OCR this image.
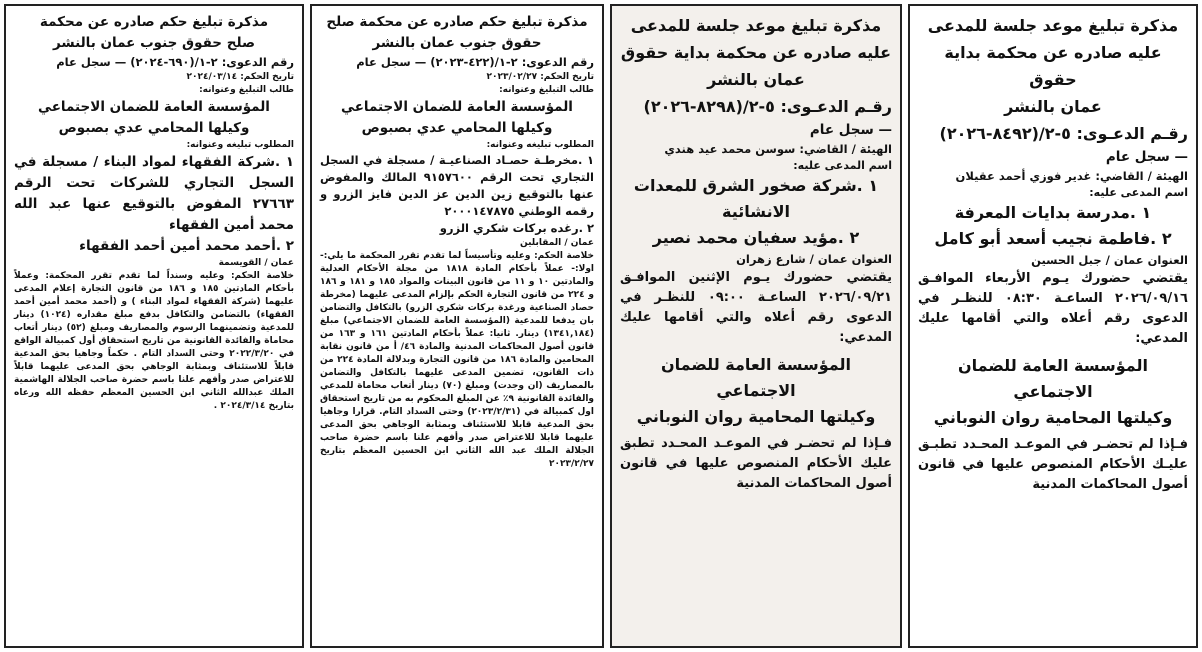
مذكرة تبليغ موعد جلسة للمدعى
عليه صادره عن محكمة بداية حقوق
عمان بالنشر
رقـم الدعـوى: ٥-٢/(٨٤٩٢-٢٠٢٦)
— سجل عام
الهيئة / القاضي: غدير فوزي أحمد عقيلان
اسم المدعى عليه:
١ .مدرسة بدايات المعرفة
٢ .فاطمة نجيب أسعد أبو كامل
العنوان عمان / جبل الحسين
يقتضي حضورك يـوم الأربعاء الموافـق ٢٠٢٦/٠٩/١٦ الساعـة ٠٨:٣٠ للنظـر في الدعوى رقم أعلاه والتي أقامها عليك المدعي:
المؤسسة العامة للضمان الاجتماعي
وكيلتها المحامية روان النوباني
فـإذا لم تحضـر في الموعـد المحـدد تطبـق عليـك الأحكام المنصوص عليها في قانون أصول المحاكمات المدنية
مذكرة تبليغ موعد جلسة للمدعى
عليه صادره عن محكمة بداية حقوق
عمان بالنشر
رقـم الدعـوى: ٥-٢/(٨٢٩٨-٢٠٢٦)
— سجل عام
الهيئة / القاضي: سوسن محمد عيد هندي
اسم المدعى عليه:
١ .شركة صخور الشرق للمعدات الانشائية
٢ .مؤيد سفيان محمد نصير
العنوان عمان / شارع زهران
يقتضي حضورك يـوم الإثنين الموافـق ٢٠٢٦/٠٩/٢١ الساعـة ٠٩:٠٠ للنظـر في الدعوى رقم أعلاه والتي أقامها عليك المدعي:
المؤسسة العامة للضمان الاجتماعي
وكيلتها المحامية روان النوباني
فـإذا لم تحضـر في الموعـد المحـدد تطبق عليك الأحكام المنصوص عليها في قانون أصول المحاكمات المدنية
مذكرة تبليغ حكم صادره عن محكمة صلح
حقوق جنوب عمان بالنشر
رقم الدعوى: ٢-١/(٤٢٢-٢٠٢٣) — سجل عام
تاريخ الحكم: ٢٠٢٣/٠٢/٢٧
طالب التبليغ وعنوانه:
المؤسسة العامة للضمان الاجتماعي
وكيلها المحامي عدي بصبوص
المطلوب تبليغه وعنوانه:
١ .مخرطـة حصـاد الصناعيـة / مسجلة في السجل التجاري تحت الرقم ٩١٥٧٦٠٠ المالك والمفوض عنها بالتوقيع زين الدين عز الدين فايز الزرو و رقمه الوطني ٢٠٠٠١٤٧٨٧٥
٢ .رغده بركات شكري الزرو
عمان / المقابلين
خلاصة الحكم: وعليه وتأسيساً لما تقدم تقرر المحكمة ما يلي:- اولا:- عملاً بأحكام المادة ١٨١٨ من مجلة الأحكام العدلية والمادتين ١٠ و ١١ من قانون البينات والمواد ١٨٥ و ١٨١ و ١٨٦ و ٢٢٤ من قانون التجارة الحكم بإلزام المدعى عليهما (مخرطة حصاد الصناعية ورغدة بركات شكري الزرو) بالتكافل والتضامن بان يدفعا للمدعية (المؤسسة العامة للضمان الاجتماعي) مبلغ (١٣٤١,١٨٤) دينار. ثانيا: عملاً بأحكام المادتين ١٦١ و ١٦٣ من قانون أصول المحاكمات المدنية والمادة ٤٦/ أ من قانون نقابة المحامين والمادة ١٨٦ من قانون التجارة وبدلالة المادة ٢٢٤ من ذات القانون، تضمين المدعى عليهما بالتكافل والتضامن بالمصاريف (ان وجدت) ومبلغ (٧٠) دينار أتعاب محاماة للمدعي والفائدة القانونية ٩٪ عن المبلغ المحكوم به من تاريخ استحقاق اول كمبيالة في (٢٠٢٣/٢/٣١) وحتى السداد التام. قرارا وجاهيا بحق المدعية قابلا للاستئناف وبمثابة الوجاهي بحق المدعى عليهما قابلا للاعتراض صدر وأفهم علنا باسم حضرة صاحب الجلالة الملك عبد الله الثاني ابن الحسين المعظم بتاريخ ٢٠٢٣/٢/٢٧
مذكرة تبليغ حكم صادره عن محكمة
صلح حقوق جنوب عمان بالنشر
رقم الدعوى: ٢-١/(٦٩٠-٢٠٢٤) — سجل عام
تاريخ الحكم: ٢٠٢٤/٠٣/١٤
طالب التبليغ وعنوانه:
المؤسسة العامة للضمان الاجتماعي
وكيلها المحامي عدي بصبوص
المطلوب تبليغه وعنوانه:
١ .شركة الفقهاء لمواد البناء / مسجلة في السجل التجاري للشركات تحت الرقم ٢٧٦٦٣ المفوض بالتوقيع عنها عبد الله محمد أمين الفقهاء
٢ .أحمد محمد أمين أحمد الفقهاء
عمان / القويسمة
خلاصة الحكم: وعليه وسنداً لما تقدم تقرر المحكمة: وعملاً بأحكام المادتين ١٨٥ و ١٨٦ من قانون التجارة إعلام المدعى عليهما (شركة الفقهاء لمواد البناء ) و (أحمد محمد أمين أحمد الفقهاء) بالتضامن والتكافل بدفع مبلغ مقداره (١٠٢٤) دينار للمدعية وتضمينهما الرسوم والمصاريف ومبلغ (٥٢) دينار أتعاب محاماة والفائدة القانونية من تاريخ استحقاق أول كمبيالة الواقع في ٢٠٢٢/٣/٢٠ وحتى السداد التام . حكماً وجاهيا بحق المدعية قابلاً للاستئناف وبمثابة الوجاهي بحق المدعى عليهما قابلاً للاعتراض صدر وأفهم علنا باسم حضرة صاحب الجلالة الهاشمية الملك عبدالله الثاني ابن الحسين المعظم حفظه الله ورعاه بتاريخ ٢٠٢٤/٣/١٤ .
